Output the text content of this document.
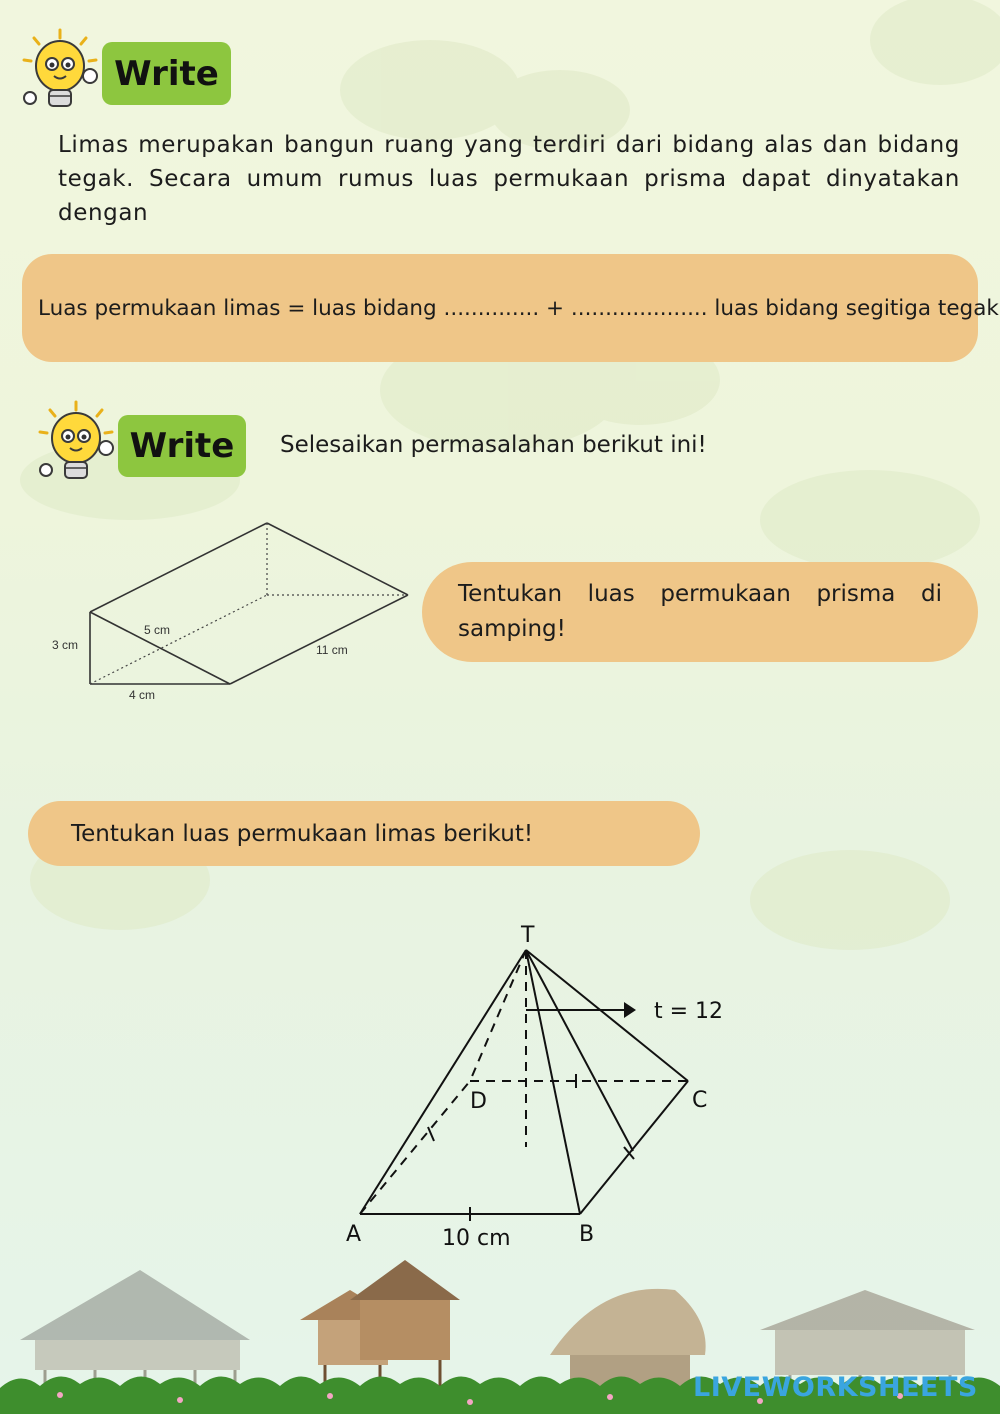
Write
Limas merupakan bangun ruang yang terdiri dari bidang alas dan bidang tegak. Secara umum rumus luas permukaan prisma dapat dinyatakan dengan
Luas permukaan limas = luas bidang .............. + .................... luas bidang segitiga tegak
Write	Selesaikan permasalahan berikut ini!
3 cm
5 cm
11 cm
4 cm
Tentukan luas permukaan prisma di samping!
Tentukan luas permukaan limas berikut!
T
t = 12
A	B
C
D
10 cm
LIVEWORKSHEETS
